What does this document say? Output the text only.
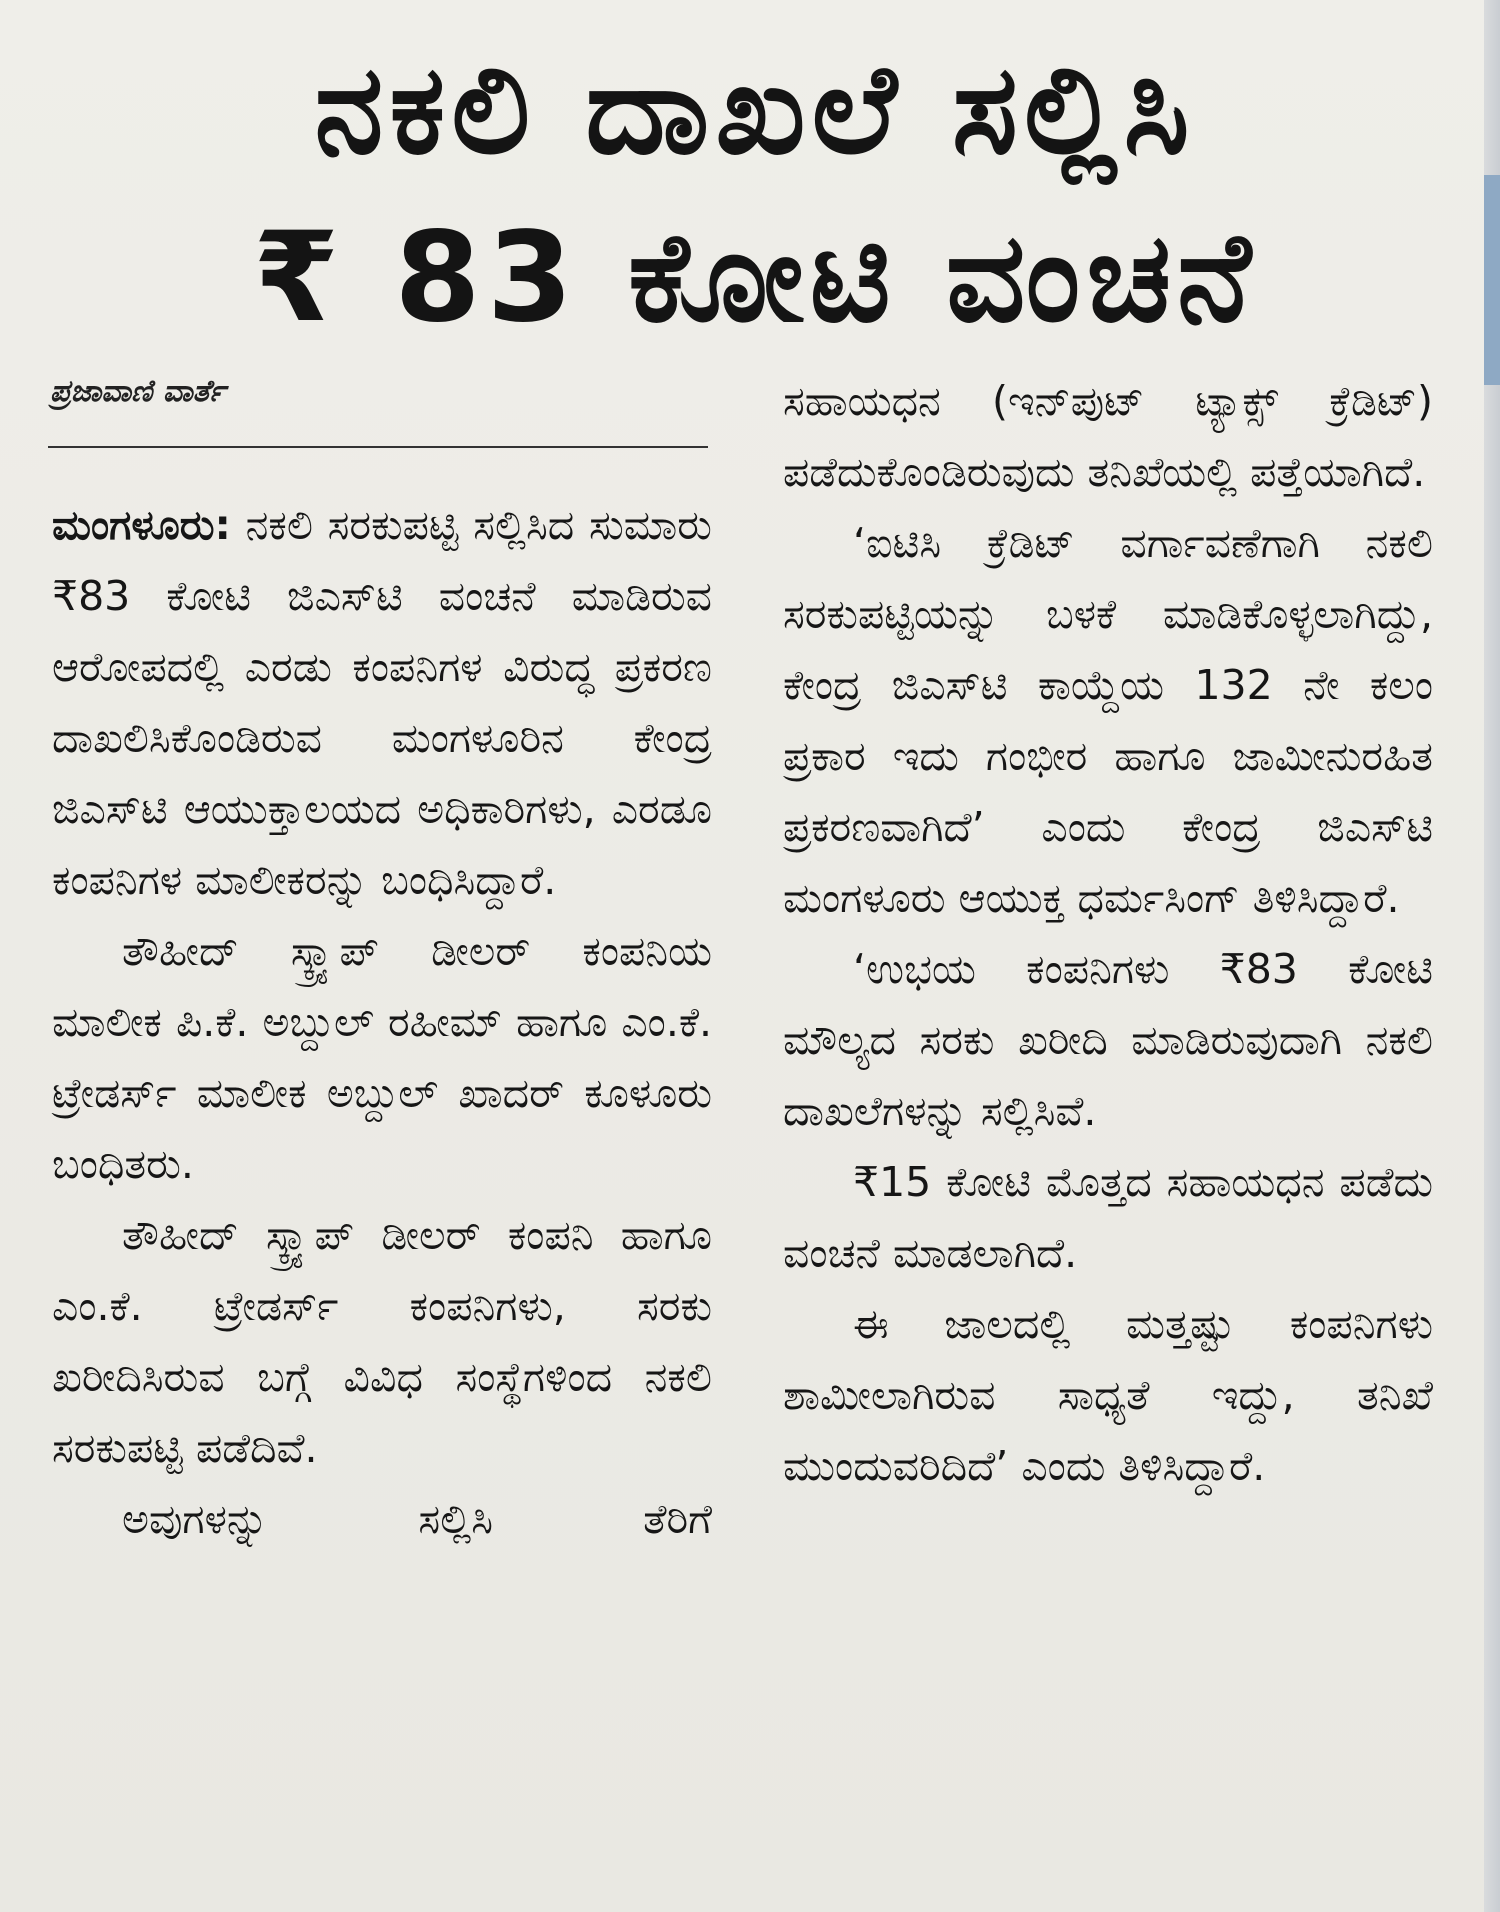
ನಕಲಿ ದಾಖಲೆ ಸಲ್ಲಿಸಿ
₹ 83 ಕೋಟಿ ವಂಚನೆ
ಪ್ರಜಾವಾಣಿ ವಾರ್ತೆ

ಮಂಗಳೂರು: ನಕಲಿ ಸರಕುಪಟ್ಟಿ ಸಲ್ಲಿಸಿದ ಸುಮಾರು ₹83 ಕೋಟಿ ಜಿಎಸ್‌ಟಿ ವಂಚನೆ ಮಾಡಿರುವ ಆರೋಪದಲ್ಲಿ ಎರಡು ಕಂಪನಿಗಳ ವಿರುದ್ಧ ಪ್ರಕರಣ ದಾಖಲಿಸಿಕೊಂಡಿರುವ ಮಂಗಳೂರಿನ ಕೇಂದ್ರ ಜಿಎಸ್‌ಟಿ ಆಯುಕ್ತಾಲಯದ ಅಧಿಕಾರಿಗಳು, ಎರಡೂ ಕಂಪನಿಗಳ ಮಾಲೀಕರನ್ನು ಬಂಧಿಸಿದ್ದಾರೆ.

ತೌಹೀದ್ ಸ್ಕ್ರ್ಯಾಪ್ ಡೀಲರ್ ಕಂಪನಿಯ ಮಾಲೀಕ ಪಿ.ಕೆ. ಅಬ್ದುಲ್ ರಹೀಮ್ ಹಾಗೂ ಎಂ.ಕೆ. ಟ್ರೇಡರ್ಸ್ ಮಾಲೀಕ ಅಬ್ದುಲ್ ಖಾದರ್ ಕೂಳೂರು ಬಂಧಿತರು.

ತೌಹೀದ್ ಸ್ಕ್ರ್ಯಾಪ್ ಡೀಲರ್ ಕಂಪನಿ ಹಾಗೂ ಎಂ.ಕೆ. ಟ್ರೇಡರ್ಸ್ ಕಂಪನಿಗಳು, ಸರಕು ಖರೀದಿಸಿರುವ ಬಗ್ಗೆ ವಿವಿಧ ಸಂಸ್ಥೆಗಳಿಂದ ನಕಲಿ ಸರಕುಪಟ್ಟಿ ಪಡೆದಿವೆ.

ಅವುಗಳನ್ನು ಸಲ್ಲಿಸಿ ತೆರಿಗೆ

ಸಹಾಯಧನ (ಇನ್‌ಪುಟ್ ಟ್ಯಾಕ್ಸ್ ಕ್ರೆಡಿಟ್) ಪಡೆದುಕೊಂಡಿರುವುದು ತನಿಖೆಯಲ್ಲಿ ಪತ್ತೆಯಾಗಿದೆ.

‘ಐಟಿಸಿ ಕ್ರೆಡಿಟ್ ವರ್ಗಾವಣೆಗಾಗಿ ನಕಲಿ ಸರಕುಪಟ್ಟಿಯನ್ನು ಬಳಕೆ ಮಾಡಿಕೊಳ್ಳಲಾಗಿದ್ದು, ಕೇಂದ್ರ ಜಿಎಸ್‌ಟಿ ಕಾಯ್ದೆಯ 132 ನೇ ಕಲಂ ಪ್ರಕಾರ ಇದು ಗಂಭೀರ ಹಾಗೂ ಜಾಮೀನುರಹಿತ ಪ್ರಕರಣವಾಗಿದೆ’ ಎಂದು ಕೇಂದ್ರ ಜಿಎಸ್‌ಟಿ ಮಂಗಳೂರು ಆಯುಕ್ತ ಧರ್ಮಸಿಂಗ್ ತಿಳಿಸಿದ್ದಾರೆ.

‘ಉಭಯ ಕಂಪನಿಗಳು ₹83 ಕೋಟಿ ಮೌಲ್ಯದ ಸರಕು ಖರೀದಿ ಮಾಡಿರುವುದಾಗಿ ನಕಲಿ ದಾಖಲೆಗಳನ್ನು ಸಲ್ಲಿಸಿವೆ.

₹15 ಕೋಟಿ ಮೊತ್ತದ ಸಹಾಯಧನ ಪಡೆದು ವಂಚನೆ ಮಾಡಲಾಗಿದೆ.

ಈ ಜಾಲದಲ್ಲಿ ಮತ್ತಷ್ಟು ಕಂಪನಿಗಳು ಶಾಮೀಲಾಗಿರುವ ಸಾಧ್ಯತೆ ಇದ್ದು, ತನಿಖೆ ಮುಂದುವರಿದಿದೆ’ ಎಂದು ತಿಳಿಸಿದ್ದಾರೆ.
